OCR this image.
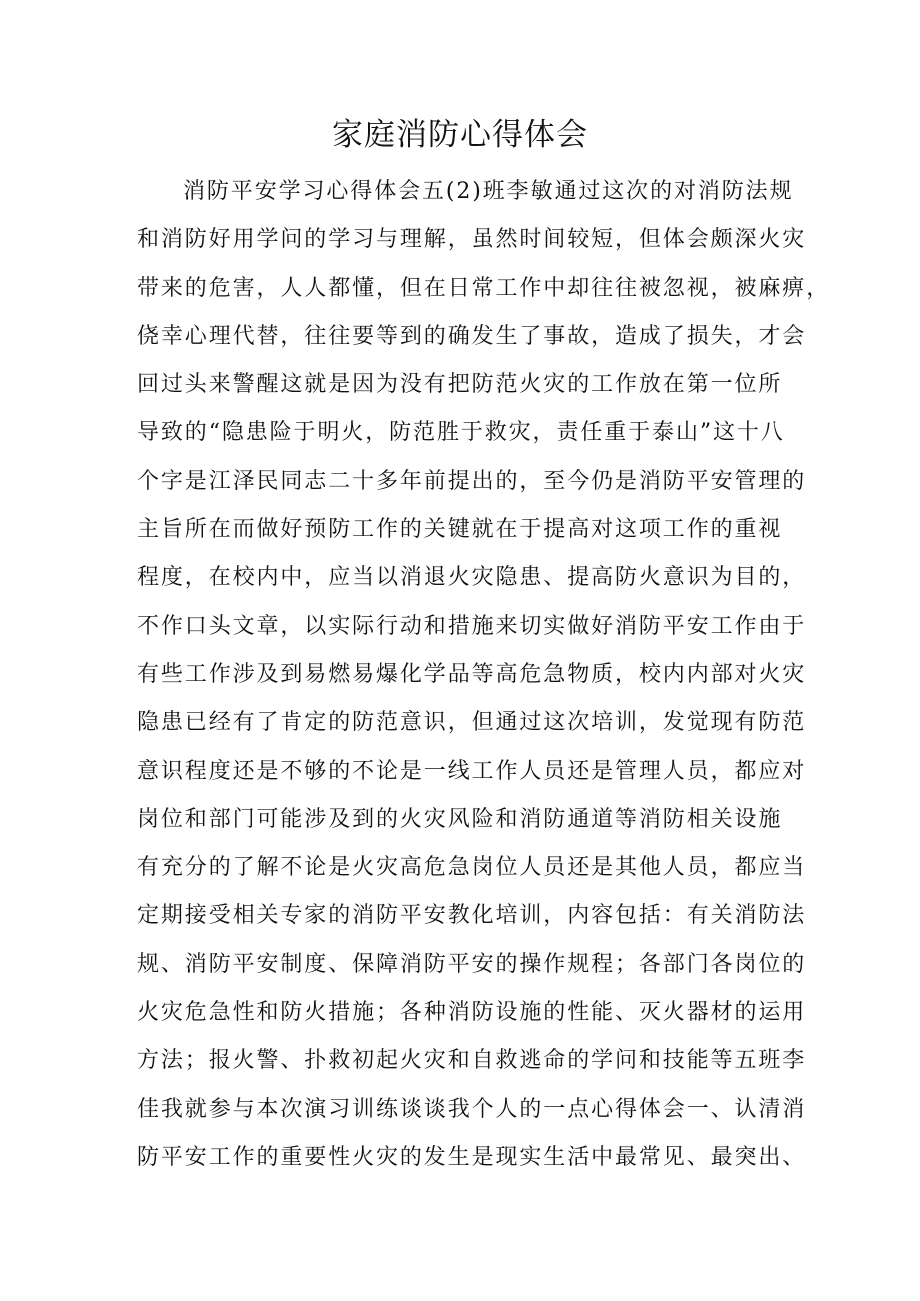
家庭消防心得体会
消防平安学习心得体会五(2)班李敏通过这次的对消防法规
和消防好用学问的学习与理解，虽然时间较短，但体会颇深火灾
带来的危害，人人都懂，但在日常工作中却往往被忽视，被麻痹，
侥幸心理代替，往往要等到的确发生了事故，造成了损失，才会
回过头来警醒这就是因为没有把防范火灾的工作放在第一位所
导致的“隐患险于明火，防范胜于救灾，责任重于泰山”这十八
个字是江泽民同志二十多年前提出的，至今仍是消防平安管理的
主旨所在而做好预防工作的关键就在于提高对这项工作的重视
程度，在校内中，应当以消退火灾隐患、提高防火意识为目的，
不作口头文章，以实际行动和措施来切实做好消防平安工作由于
有些工作涉及到易燃易爆化学品等高危急物质，校内内部对火灾
隐患已经有了肯定的防范意识，但通过这次培训，发觉现有防范
意识程度还是不够的不论是一线工作人员还是管理人员，都应对
岗位和部门可能涉及到的火灾风险和消防通道等消防相关设施
有充分的了解不论是火灾高危急岗位人员还是其他人员，都应当
定期接受相关专家的消防平安教化培训，内容包括：有关消防法
规、消防平安制度、保障消防平安的操作规程；各部门各岗位的
火灾危急性和防火措施；各种消防设施的性能、灭火器材的运用
方法；报火警、扑救初起火灾和自救逃命的学问和技能等五班李
佳我就参与本次演习训练谈谈我个人的一点心得体会一、认清消
防平安工作的重要性火灾的发生是现实生活中最常见、最突出、
